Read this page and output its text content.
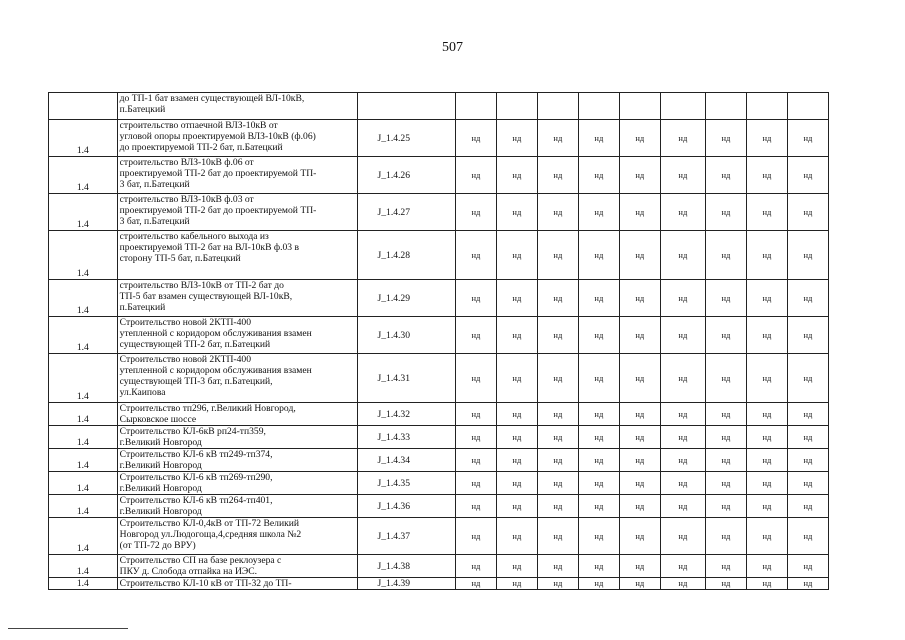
507

	до ТП-1 бат взамен существующей ВЛ-10кВ,
п.Батецкий										

1.4	строительство отпаечной ВЛЗ-10кВ от
угловой опоры проектируемой ВЛЗ-10кВ (ф.06)
до проектируемой ТП-2 бат, п.Батецкий	J_1.4.25	нд	нд	нд	нд	нд	нд	нд	нд	нд
1.4	строительство ВЛЗ-10кВ ф.06 от
проектируемой ТП-2 бат до проектируемой ТП-
3 бат, п.Батецкий	J_1.4.26	нд	нд	нд	нд	нд	нд	нд	нд	нд
1.4	строительство ВЛЗ-10кВ ф.03 от
проектируемой ТП-2 бат до проектируемой ТП-
3 бат, п.Батецкий	J_1.4.27	нд	нд	нд	нд	нд	нд	нд	нд	нд
1.4	строительство кабельного выхода из
проектируемой ТП-2 бат на ВЛ-10кВ ф.03 в
сторону ТП-5 бат, п.Батецкий	J_1.4.28	нд	нд	нд	нд	нд	нд	нд	нд	нд
1.4	строительство ВЛЗ-10кВ от ТП-2 бат до
ТП-5 бат взамен существующей ВЛ-10кВ,
п.Батецкий	J_1.4.29	нд	нд	нд	нд	нд	нд	нд	нд	нд
1.4	Строительство новой 2КТП-400
утепленной с коридором обслуживания взамен
существующей ТП-2 бат, п.Батецкий	J_1.4.30	нд	нд	нд	нд	нд	нд	нд	нд	нд
1.4	Строительство новой 2КТП-400
утепленной с коридором обслуживания взамен
существующей ТП-3 бат, п.Батецкий,
ул.Каипова	J_1.4.31	нд	нд	нд	нд	нд	нд	нд	нд	нд
1.4	Строительство тп296, г.Великий Новгород,
Сырковское шоссе	J_1.4.32	нд	нд	нд	нд	нд	нд	нд	нд	нд
1.4	Строительство КЛ-6кВ рп24-тп359,
г.Великий Новгород	J_1.4.33	нд	нд	нд	нд	нд	нд	нд	нд	нд
1.4	Строительство КЛ-6 кВ тп249-тп374,
г.Великий Новгород	J_1.4.34	нд	нд	нд	нд	нд	нд	нд	нд	нд
1.4	Строительство КЛ-6 кВ тп269-тп290,
г.Великий Новгород	J_1.4.35	нд	нд	нд	нд	нд	нд	нд	нд	нд
1.4	Строительство КЛ-6 кВ тп264-тп401,
г.Великий Новгород	J_1.4.36	нд	нд	нд	нд	нд	нд	нд	нд	нд
1.4	Строительство КЛ-0,4кВ от ТП-72 Великий
Новгород ул.Людогоща,4,средняя школа №2
(от ТП-72 до ВРУ)	J_1.4.37	нд	нд	нд	нд	нд	нд	нд	нд	нд
1.4	Строительство СП на базе реклоузера с
ПКУ д. Слобода отпайка на ИЭС.	J_1.4.38	нд	нд	нд	нд	нд	нд	нд	нд	нд
1.4	Строительство КЛ-10 кВ от ТП-32 до ТП-	J_1.4.39	нд	нд	нд	нд	нд	нд	нд	нд	нд
